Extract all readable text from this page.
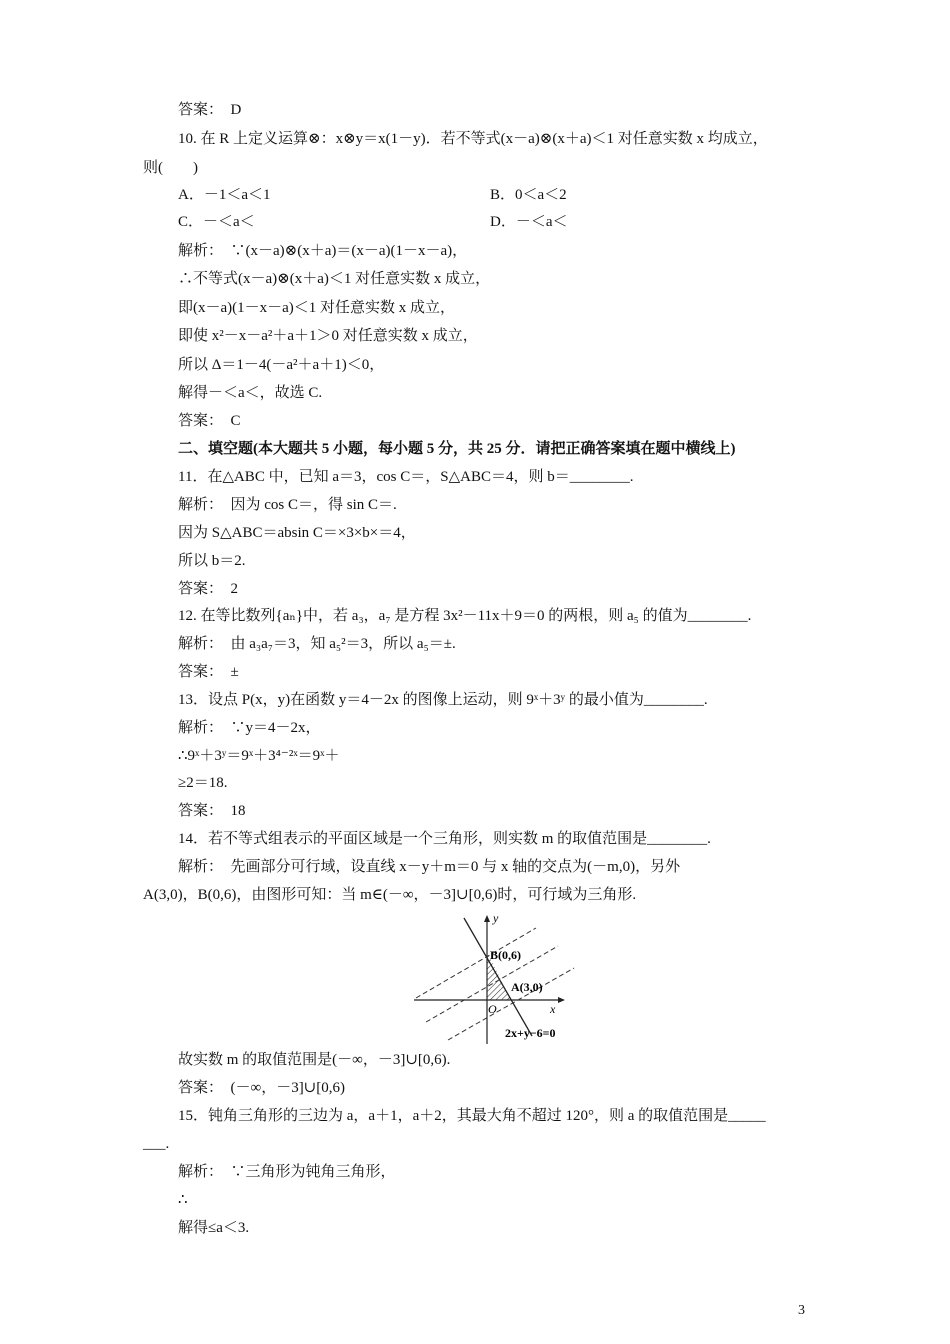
答案：　D
10. 在 R 上定义运算⊗：x⊗y＝x(1－y)．若不等式(x－a)⊗(x＋a)＜1 对任意实数 x 均成立，
则(　　)
A．－1＜a＜1	B．0＜a＜2
C．－＜a＜	D．－＜a＜
解析：　∵(x－a)⊗(x＋a)＝(x－a)(1－x－a)，
∴不等式(x－a)⊗(x＋a)＜1 对任意实数 x 成立，
即(x－a)(1－x－a)＜1 对任意实数 x 成立，
即使 x²－x－a²＋a＋1＞0 对任意实数 x 成立，
所以 Δ＝1－4(－a²＋a＋1)＜0，
解得－＜a＜，故选 C.
答案：　C
二、填空题(本大题共 5 小题，每小题 5 分，共 25 分．请把正确答案填在题中横线上)
11．在△ABC 中，已知 a＝3，cos C＝，S△ABC＝4，则 b＝________.
解析：　因为 cos C＝，得 sin C＝.
因为 S△ABC＝absin C＝×3×b×＝4，
所以 b＝2.
答案：　2
12. 在等比数列{aₙ}中，若 a₃，a₇ 是方程 3x²－11x＋9＝0 的两根，则 a₅ 的值为________.
解析：　由 a₃a₇＝3，知 a₅²＝3，所以 a₅＝±.
答案：　±
13．设点 P(x，y)在函数 y＝4－2x 的图像上运动，则 9ˣ＋3ʸ 的最小值为________.
解析：　∵y＝4－2x，
∴9ˣ＋3ʸ＝9ˣ＋3⁴⁻²ˣ＝9ˣ＋
≥2＝18.
答案：　18
14．若不等式组表示的平面区域是一个三角形，则实数 m 的取值范围是________.
解析：　先画部分可行域，设直线 x－y＋m＝0 与 x 轴的交点为(－m,0)，另外
A(3,0)，B(0,6)，由图形可知：当 m∈(－∞，－3]∪[0,6)时，可行域为三角形.
y
x
O
B(0,6)
A(3,0)
2x+y−6=0
故实数 m 的取值范围是(－∞，－3]∪[0,6).
答案：　(－∞，－3]∪[0,6)
15．钝角三角形的三边为 a，a＋1，a＋2，其最大角不超过 120°，则 a 的取值范围是_____
___.
解析：　∵三角形为钝角三角形，
∴
解得≤a＜3.
3
